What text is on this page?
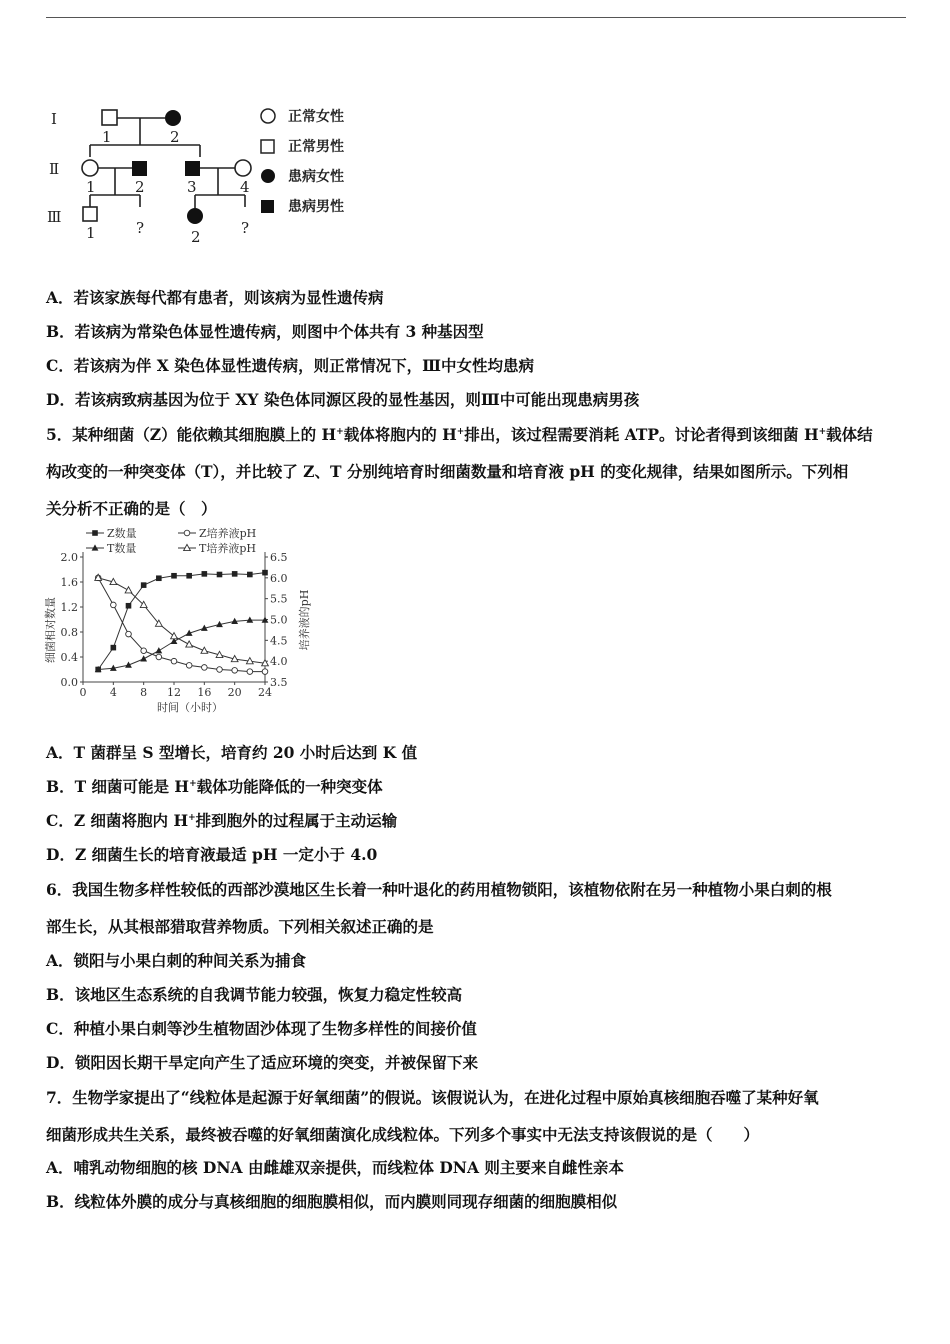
Ⅰ
Ⅱ
Ⅲ
1	2
1	2	3	4
1	2
?	?
正常女性
正常男性
患病女性
患病男性
A．若该家族每代都有患者，则该病为显性遗传病
B．若该病为常染色体显性遗传病，则图中个体共有 3 种基因型
C．若该病为伴 X 染色体显性遗传病，则正常情况下，Ⅲ中女性均患病
D．若该病致病基因为位于 XY 染色体同源区段的显性基因，则Ⅲ中可能出现患病男孩
5．某种细菌（Z）能依赖其细胞膜上的 H+载体将胞内的 H+排出，该过程需要消耗 ATP。讨论者得到该细菌 H+载体结
构改变的一种突变体（T），并比较了 Z、T 分别纯培育时细菌数量和培育液 pH 的变化规律，结果如图所示。下列相
关分析不正确的是（　）
0 4 8 12 16 20 24
0.0
0.4
0.8
1.2
1.6
2.0
3.5
4.0
4.5
5.0
5.5
6.0
6.5
Z数量	Z培养液pH
T数量	T培养液pH
时间（小时）
细菌相对数量	培养液的pH
A．T 菌群呈 S 型增长，培育约 20 小时后达到 K 值
B．T 细菌可能是 H+载体功能降低的一种突变体
C．Z 细菌将胞内 H+排到胞外的过程属于主动运输
D．Z 细菌生长的培育液最适 pH 一定小于 4.0
6．我国生物多样性较低的西部沙漠地区生长着一种叶退化的药用植物锁阳，该植物依附在另一种植物小果白刺的根
部生长，从其根部猎取营养物质。下列相关叙述正确的是
A．锁阳与小果白刺的种间关系为捕食
B．该地区生态系统的自我调节能力较强，恢复力稳定性较高
C．种植小果白刺等沙生植物固沙体现了生物多样性的间接价值
D．锁阳因长期干旱定向产生了适应环境的突变，并被保留下来
7．生物学家提出了“线粒体是起源于好氧细菌”的假说。该假说认为，在进化过程中原始真核细胞吞噬了某种好氧
细菌形成共生关系，最终被吞噬的好氧细菌演化成线粒体。下列多个事实中无法支持该假说的是（　　）
A．哺乳动物细胞的核 DNA 由雌雄双亲提供，而线粒体 DNA 则主要来自雌性亲本
B．线粒体外膜的成分与真核细胞的细胞膜相似，而内膜则同现存细菌的细胞膜相似
